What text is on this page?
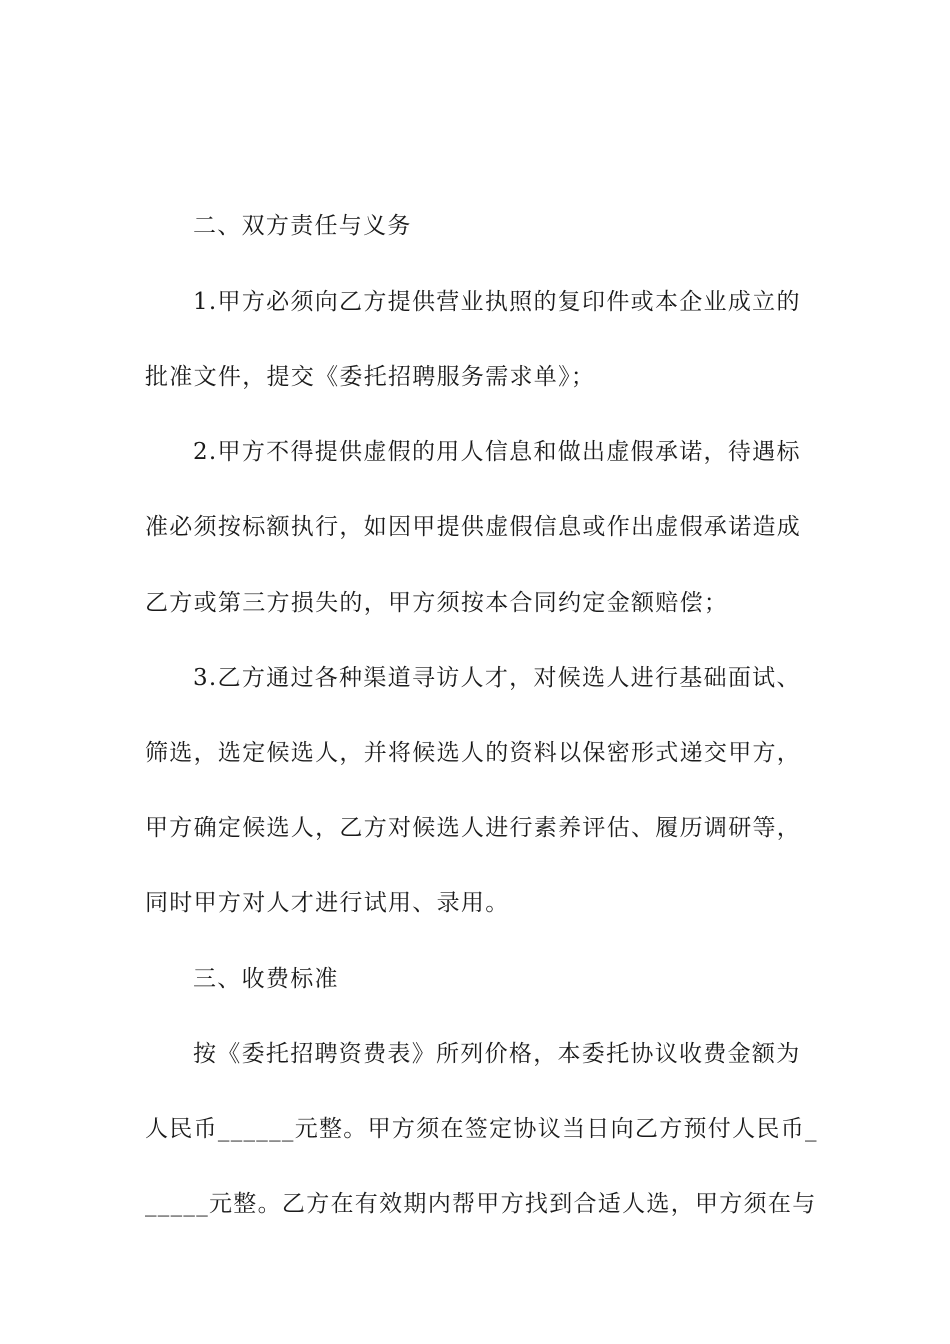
二、双方责任与义务
1.甲方必须向乙方提供营业执照的复印件或本企业成立的
批准文件，提交《委托招聘服务需求单》；
2.甲方不得提供虚假的用人信息和做出虚假承诺，待遇标
准必须按标额执行，如因甲提供虚假信息或作出虚假承诺造成
乙方或第三方损失的，甲方须按本合同约定金额赔偿；
3.乙方通过各种渠道寻访人才，对候选人进行基础面试、
筛选，选定候选人，并将候选人的资料以保密形式递交甲方，
甲方确定候选人，乙方对候选人进行素养评估、履历调研等，
同时甲方对人才进行试用、录用。
三、收费标准
按《委托招聘资费表》所列价格，本委托协议收费金额为
人民币______元整。甲方须在签定协议当日向乙方预付人民币_
_____元整。乙方在有效期内帮甲方找到合适人选，甲方须在与
